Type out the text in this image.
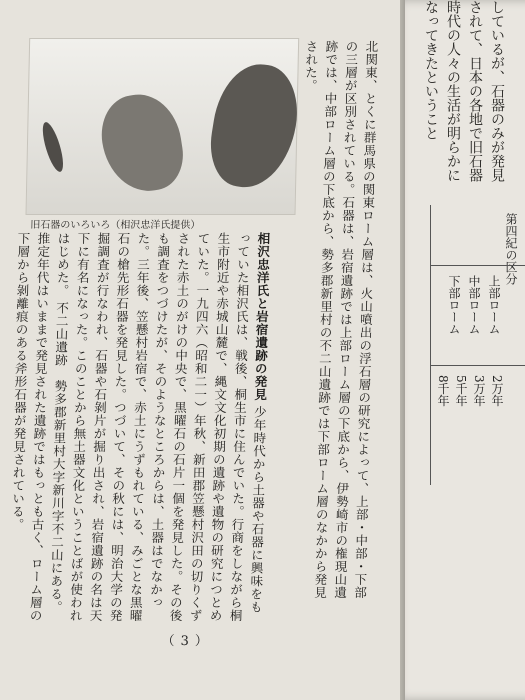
旧石器のいろいろ（相沢忠洋氏提供）	北関東、とくに群馬県の関東ローム層は、火山噴出の浮石層の研究によって、上部・中部・下部の三層が区別されている。石器は、岩宿遺跡では上部ローム層の下底から、伊勢崎市の権現山遺跡では、中部ローム層の下底から、勢多郡新里村の不二山遺跡では下部ローム層のなかから発見された。
相沢忠洋氏と岩宿遺跡の発見 少年時代から土器や石器に興味をもっていた相沢氏は、戦後、桐生市に住んでいた。行商をしながら桐生市附近や赤城山麓で、縄文文化初期の遺跡や遺物の研究につとめていた。一九四六（昭和二一）年秋、新田郡笠懸村沢田の切りくずされた赤土のがけの中央で、黒曜石の石片一個を発見した。その後も調査をつづけたが、そのようなところからは、土器はでなかった。三年後、笠懸村岩宿で、赤土にうずもれている、みごとな黒曜石の槍先形石器を発見した。つづいて、その秋には、明治大学の発掘調査が行なわれ、石器や石剝片が掘り出され、岩宿遺跡の名は天下に有名になった。このことから無土器文化ということばが使われはじめた。 不二山遺跡　勢多郡新里村大字新川字不二山にある。推定年代はいままで発見された遺跡ではもっとも古く、ローム層の下層から剝離痕のある斧形石器が発見されている。
（3）
しているが、石器のみが発見されて、日本の各地で旧石器時代の人々の生活が明らかになってきたということ
第四紀の区分
上部ローム
中部ローム
下部ローム
2万年
3万年
5千年
8千年
